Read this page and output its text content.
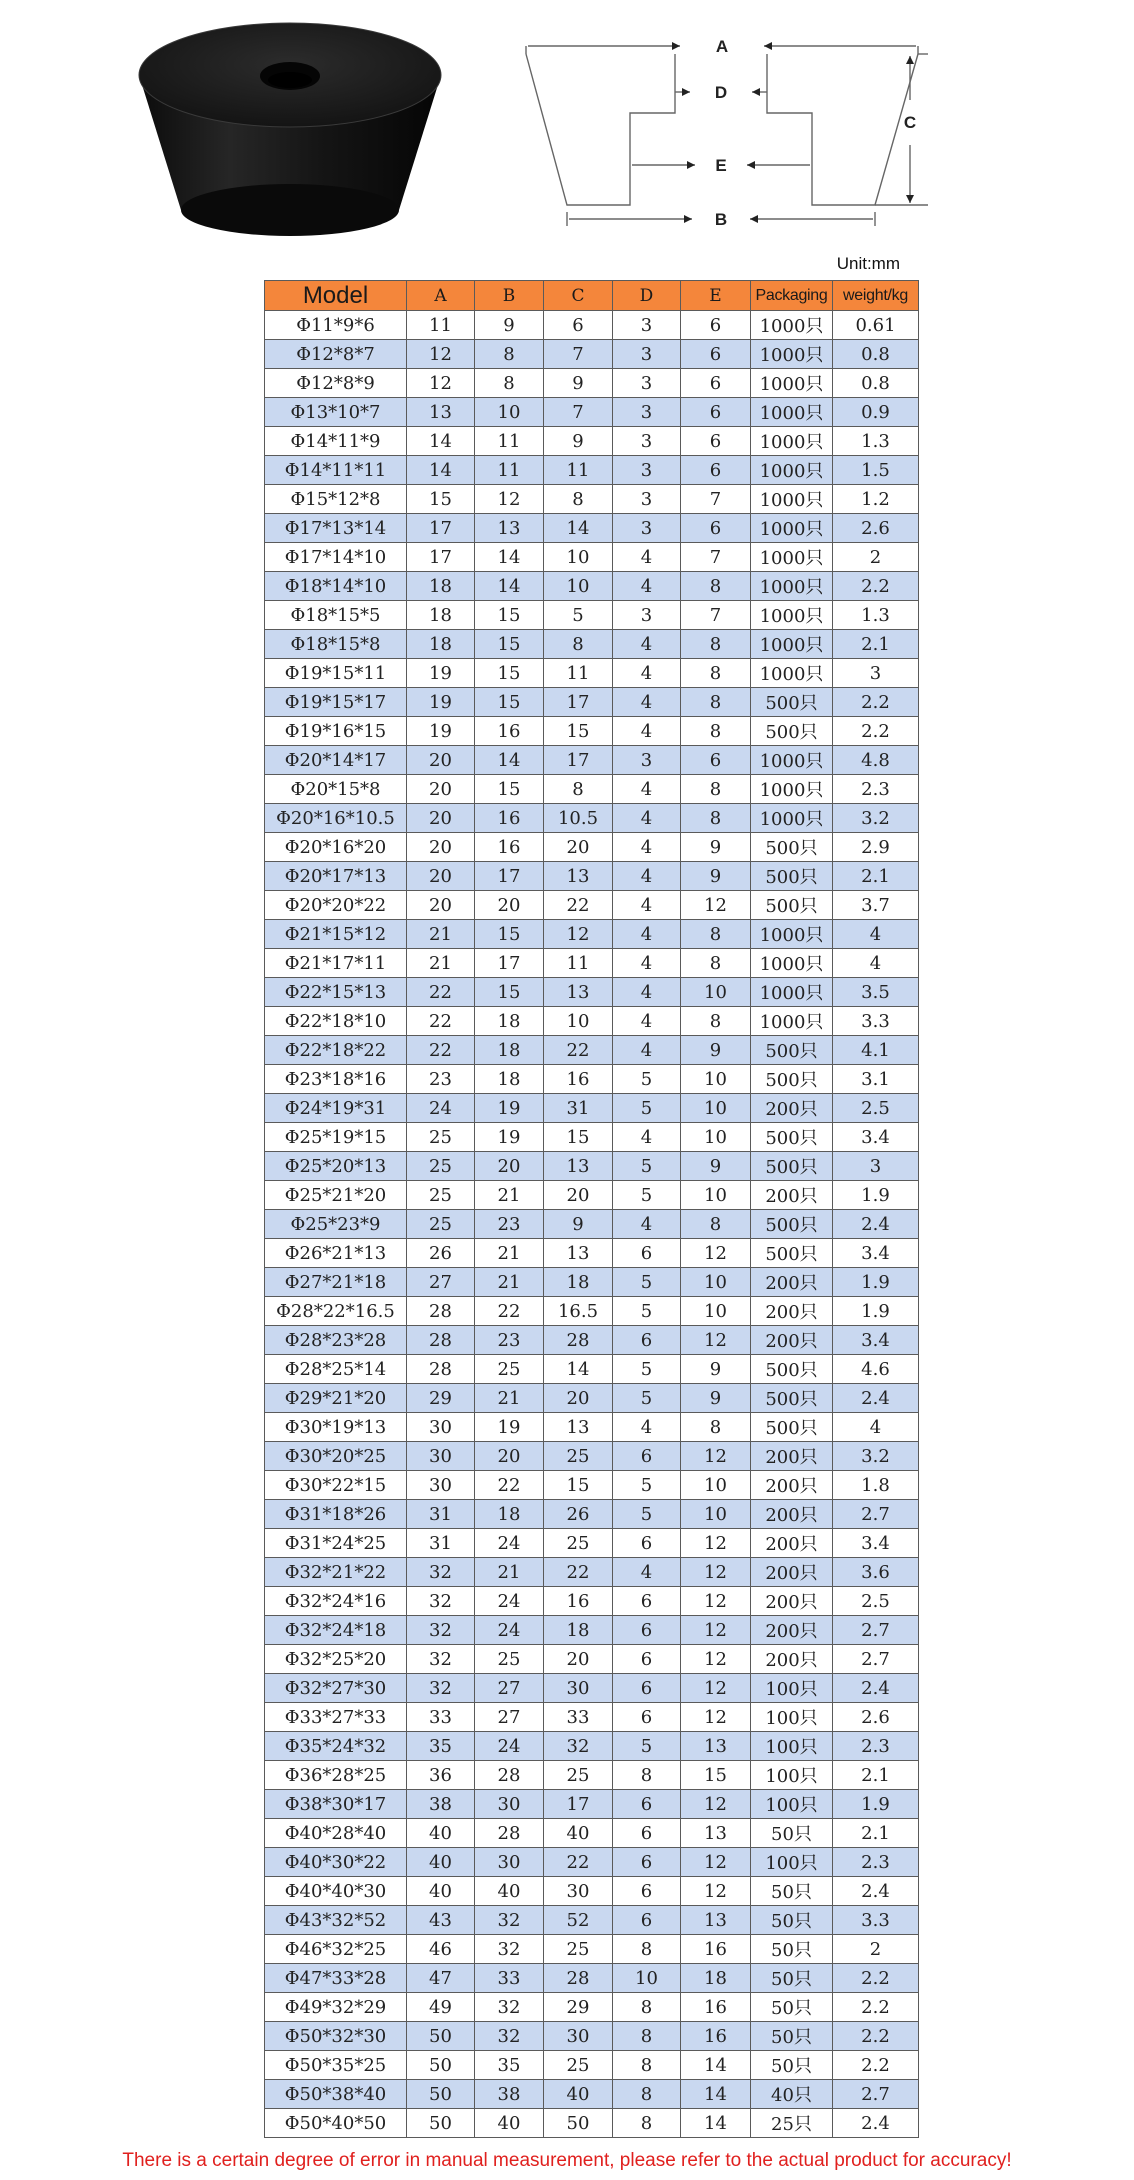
A
D
C
E
B
Unit:mm
Model	A	B	C	D	E	Packaging	weight/kg
Φ11*9*6	11	9	6	3	6	1000只	0.61
Φ12*8*7	12	8	7	3	6	1000只	0.8
Φ12*8*9	12	8	9	3	6	1000只	0.8
Φ13*10*7	13	10	7	3	6	1000只	0.9
Φ14*11*9	14	11	9	3	6	1000只	1.3
Φ14*11*11	14	11	11	3	6	1000只	1.5
Φ15*12*8	15	12	8	3	7	1000只	1.2
Φ17*13*14	17	13	14	3	6	1000只	2.6
Φ17*14*10	17	14	10	4	7	1000只	2
Φ18*14*10	18	14	10	4	8	1000只	2.2
Φ18*15*5	18	15	5	3	7	1000只	1.3
Φ18*15*8	18	15	8	4	8	1000只	2.1
Φ19*15*11	19	15	11	4	8	1000只	3
Φ19*15*17	19	15	17	4	8	500只	2.2
Φ19*16*15	19	16	15	4	8	500只	2.2
Φ20*14*17	20	14	17	3	6	1000只	4.8
Φ20*15*8	20	15	8	4	8	1000只	2.3
Φ20*16*10.5	20	16	10.5	4	8	1000只	3.2
Φ20*16*20	20	16	20	4	9	500只	2.9
Φ20*17*13	20	17	13	4	9	500只	2.1
Φ20*20*22	20	20	22	4	12	500只	3.7
Φ21*15*12	21	15	12	4	8	1000只	4
Φ21*17*11	21	17	11	4	8	1000只	4
Φ22*15*13	22	15	13	4	10	1000只	3.5
Φ22*18*10	22	18	10	4	8	1000只	3.3
Φ22*18*22	22	18	22	4	9	500只	4.1
Φ23*18*16	23	18	16	5	10	500只	3.1
Φ24*19*31	24	19	31	5	10	200只	2.5
Φ25*19*15	25	19	15	4	10	500只	3.4
Φ25*20*13	25	20	13	5	9	500只	3
Φ25*21*20	25	21	20	5	10	200只	1.9
Φ25*23*9	25	23	9	4	8	500只	2.4
Φ26*21*13	26	21	13	6	12	500只	3.4
Φ27*21*18	27	21	18	5	10	200只	1.9
Φ28*22*16.5	28	22	16.5	5	10	200只	1.9
Φ28*23*28	28	23	28	6	12	200只	3.4
Φ28*25*14	28	25	14	5	9	500只	4.6
Φ29*21*20	29	21	20	5	9	500只	2.4
Φ30*19*13	30	19	13	4	8	500只	4
Φ30*20*25	30	20	25	6	12	200只	3.2
Φ30*22*15	30	22	15	5	10	200只	1.8
Φ31*18*26	31	18	26	5	10	200只	2.7
Φ31*24*25	31	24	25	6	12	200只	3.4
Φ32*21*22	32	21	22	4	12	200只	3.6
Φ32*24*16	32	24	16	6	12	200只	2.5
Φ32*24*18	32	24	18	6	12	200只	2.7
Φ32*25*20	32	25	20	6	12	200只	2.7
Φ32*27*30	32	27	30	6	12	100只	2.4
Φ33*27*33	33	27	33	6	12	100只	2.6
Φ35*24*32	35	24	32	5	13	100只	2.3
Φ36*28*25	36	28	25	8	15	100只	2.1
Φ38*30*17	38	30	17	6	12	100只	1.9
Φ40*28*40	40	28	40	6	13	50只	2.1
Φ40*30*22	40	30	22	6	12	100只	2.3
Φ40*40*30	40	40	30	6	12	50只	2.4
Φ43*32*52	43	32	52	6	13	50只	3.3
Φ46*32*25	46	32	25	8	16	50只	2
Φ47*33*28	47	33	28	10	18	50只	2.2
Φ49*32*29	49	32	29	8	16	50只	2.2
Φ50*32*30	50	32	30	8	16	50只	2.2
Φ50*35*25	50	35	25	8	14	50只	2.2
Φ50*38*40	50	38	40	8	14	40只	2.7
Φ50*40*50	50	40	50	8	14	25只	2.4
There is a certain degree of error in manual measurement, please refer to the actual product for accuracy!
